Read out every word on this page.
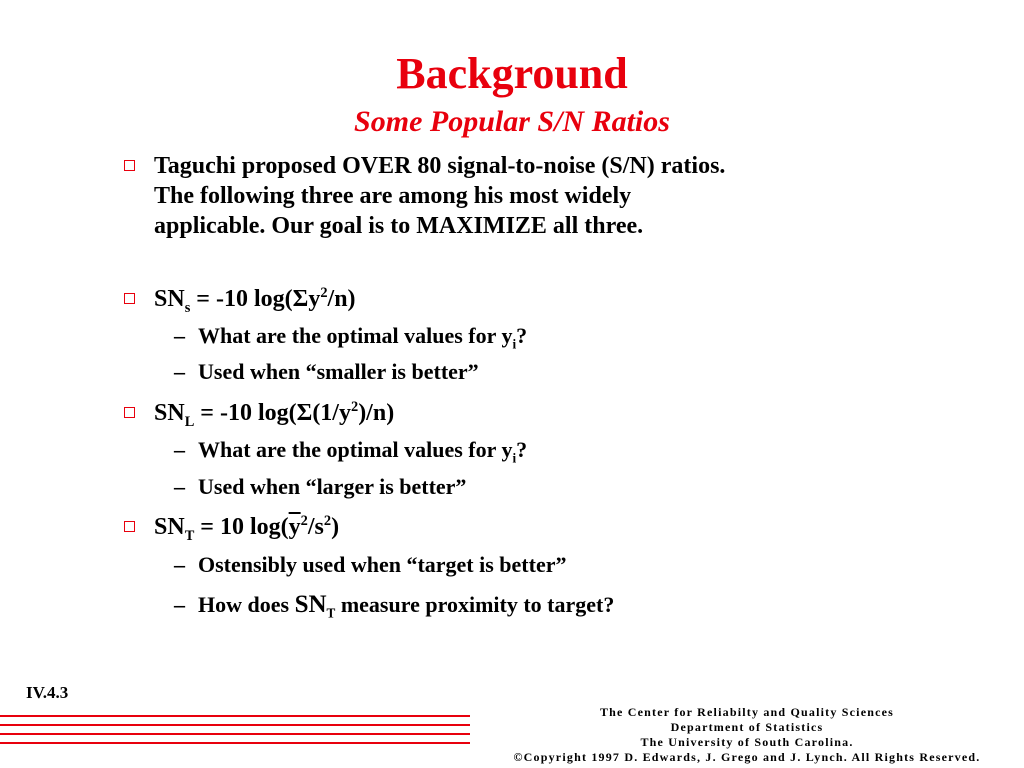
Background
Some Popular S/N Ratios
Taguchi proposed OVER 80 signal-to-noise (S/N) ratios.
The following three are among his most widely
applicable. Our goal is to MAXIMIZE all three.
$SN_s = -10$ $\log(\Sigma y^2/n)$
– What are the optimal values for $y_i$?
– Used when “smaller is better”
$SN_L = -10$ $\log(\Sigma(1/y^2)/n)$
– What are the optimal values for $y_i$?
– Used when “larger is better”
$SN_T = 10$ $\log(\overline{y}^2/s^2)$
– Ostensibly used when “target is better”
– How does $SN_T$ measure proximity to target?
IV.4.3
The Center for Reliabilty and Quality Sciences
Department of Statistics
The University of South Carolina.
©Copyright 1997 D. Edwards, J. Grego and J. Lynch. All Rights Reserved.
